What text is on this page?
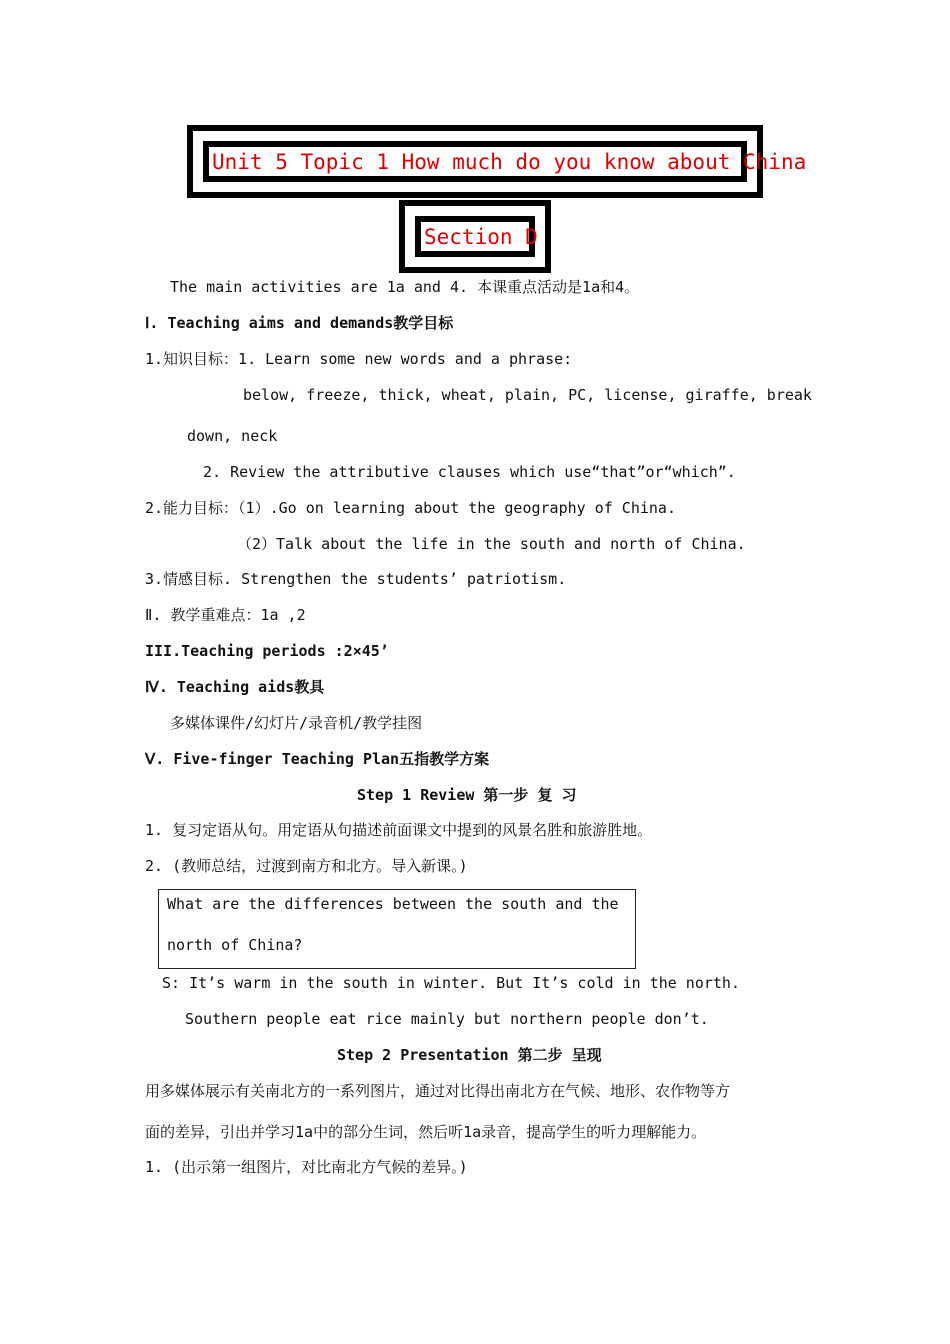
Unit 5 Topic 1 How much do you know about China
Section D
The main activities are 1a and 4. 本课重点活动是1a和4。
Ⅰ. Teaching aims and demands教学目标
1.知识目标：1. Learn some new words and a phrase:
below, freeze, thick, wheat, plain, PC, license, giraffe, break
down, neck
2. Review the attributive clauses which use“that”or“which”.
2.能力目标：（1）.Go on learning about the geography of China.
（2）Talk about the life in the south and north of China.
3.情感目标. Strengthen the students’ patriotism.
Ⅱ. 教学重难点：1a ,2
III.Teaching periods :2×45’
Ⅳ. Teaching aids教具
多媒体课件/幻灯片/录音机/教学挂图
Ⅴ. Five-finger Teaching Plan五指教学方案
Step 1 Review 第一步 复 习
1. 复习定语从句。用定语从句描述前面课文中提到的风景名胜和旅游胜地。
2. (教师总结，过渡到南方和北方。导入新课。)
What are the differences between the south and the
north of China?
S: It’s warm in the south in winter. But It’s cold in the north.
Southern people eat rice mainly but northern people don’t.
Step 2 Presentation 第二步 呈现
用多媒体展示有关南北方的一系列图片，通过对比得出南北方在气候、地形、农作物等方
面的差异，引出并学习1a中的部分生词，然后听1a录音，提高学生的听力理解能力。
1. (出示第一组图片，对比南北方气候的差异。)
